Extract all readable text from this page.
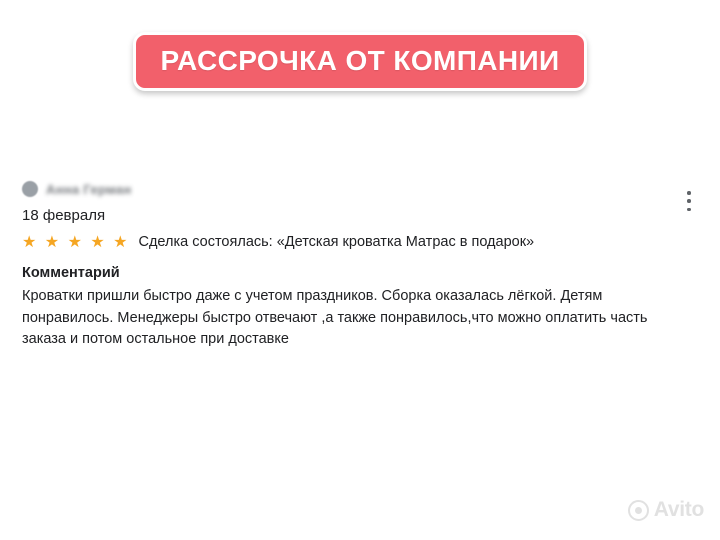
РАССРОЧКА ОТ КОМПАНИИ
Анна Герман
18 февраля
★ ★ ★ ★ ★ Сделка состоялась: «Детская кроватка Матрас в подарок»
Комментарий
Кроватки пришли быстро даже с учетом праздников. Сборка оказалась лёгкой. Детям понравилось. Менеджеры быстро отвечают ,а также понравилось,что можно оплатить часть заказа и потом остальное при доставке
Avito
